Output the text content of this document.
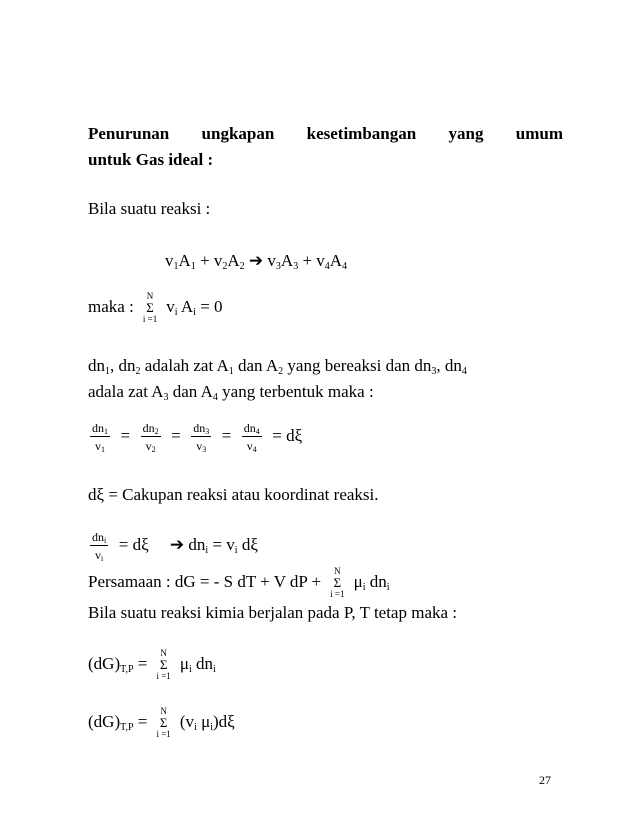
Penurunan ungkapan kesetimbangan yang umum
untuk Gas ideal :
Bila suatu reaksi :
$v_1A_1 + v_2A_2$ ➔ $v_3A_3 + v_4A_4$
maka :
N
Σ
i =1
$v_i$ $A_i = 0$
$dn_1$, $dn_2$ adalah zat $A_1$ dan $A_2$ yang bereaksi dan $dn_3$, $dn_4$
adala zat $A_3$ dan $A_4$ yang terbentuk maka :
$\frac{dn_1}{v_1} = \frac{dn_2}{v_2} = \frac{dn_3}{v_3} = \frac{dn_4}{v_4} = d\xi$
dξ = Cakupan reaksi atau koordinat reaksi.
$\frac{dn_i}{v_i} = d\xi$ ➔ $dn_i = v_i$ dξ
Persamaan : dG = - S dT + V dP +
N
Σ
i =1
$\mu_i$ $dn_i$
Bila suatu reaksi kimia berjalan pada P, T tetap maka :
$(dG)_{T,P}$ =
N
Σ
i =1
$\mu_i$ $dn_i$
$(dG)_{T,P}$ =
N
Σ
i =1
($v_i$ $\mu_i)d\xi$
27
